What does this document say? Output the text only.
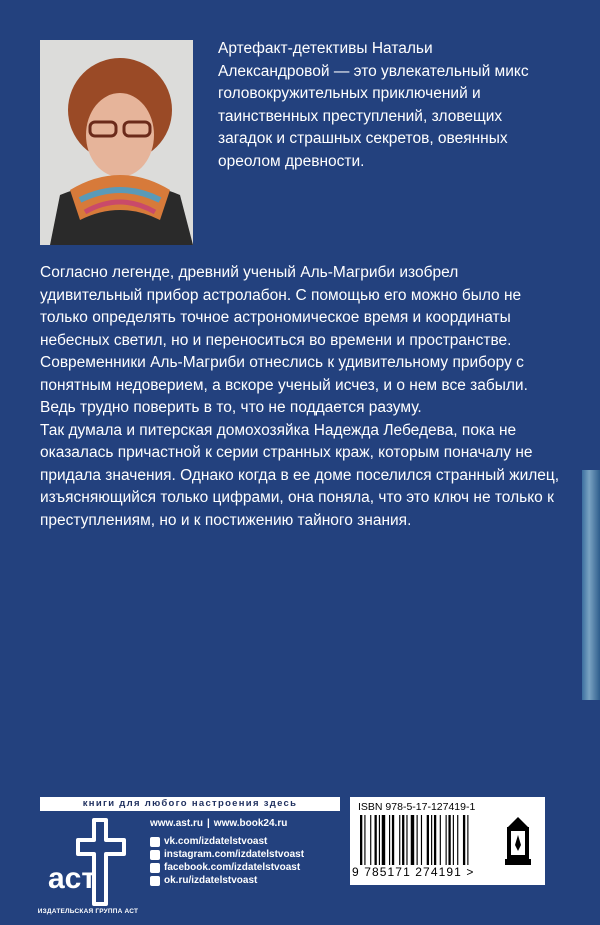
Артефакт-детективы Натальи Александровой — это увлекательный микс головокружительных приключений и таинственных преступлений, зловещих загадок и страшных секретов, овеянных ореолом древности.

Согласно легенде, древний ученый Аль-Магриби изобрел удивительный прибор астролабон. С помощью его можно было не только определять точное астрономическое время и координаты небесных светил, но и переноситься во времени и пространстве. Современники Аль-Магриби отнеслись к удивительному прибору с понятным недоверием, а вскоре ученый исчез, и о нем все забыли. Ведь трудно поверить в то, что не поддается разуму.

Так думала и питерская домохозяйка Надежда Лебедева, пока не оказалась причастной к серии странных краж, которым поначалу не придала значения. Однако когда в ее доме поселился странный жилец, изъясняющийся только цифрами, она поняла, что это ключ не только к преступлениям, но и к постижению тайного знания.

книги для любого настроения здесь
аст
ИЗДАТЕЛЬСКАЯ ГРУППА АСТ
www.ast.ru | www.book24.ru
vk.com/izdatelstvoast
instagram.com/izdatelstvoast
facebook.com/izdatelstvoast
ok.ru/izdatelstvoast
ISBN 978-5-17-127419-1
9 785171 274191 >
